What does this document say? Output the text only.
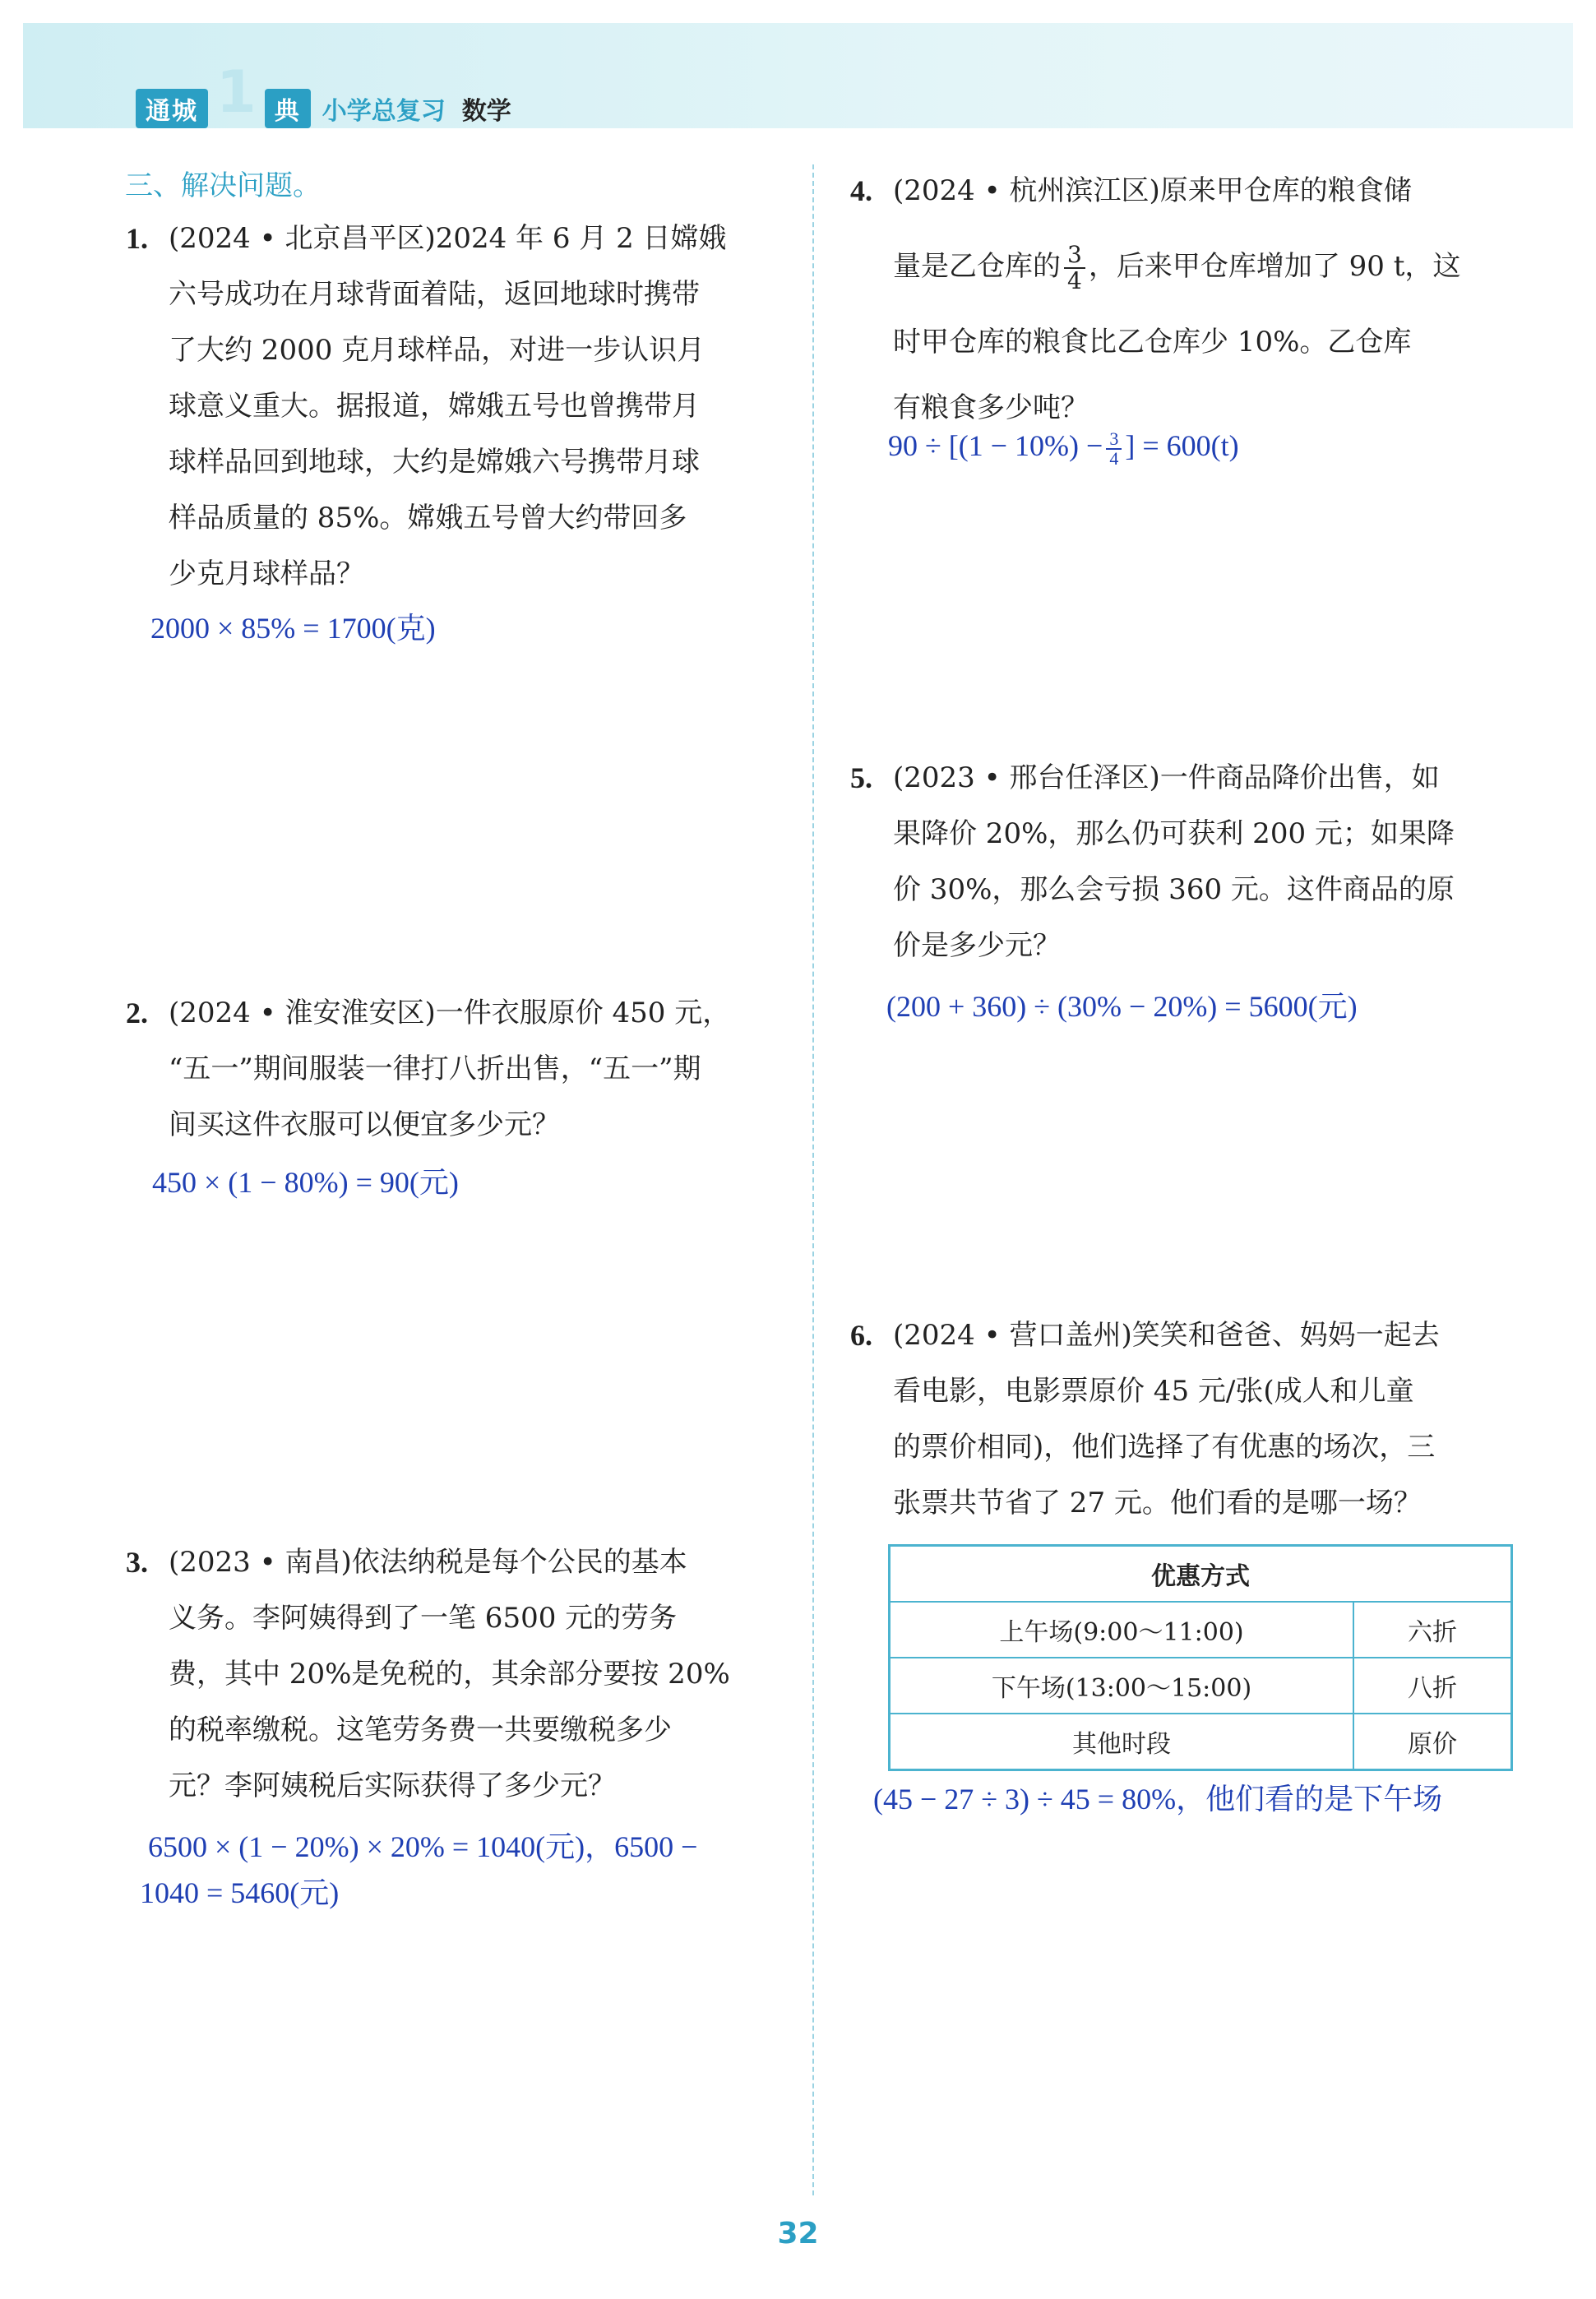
通城 1 典 小学总复习 数学
三、解决问题。
1. (2024 • 北京昌平区)2024 年 6 月 2 日嫦娥

六号成功在月球背面着陆，返回地球时携带

了大约 2000 克月球样品，对进一步认识月

球意义重大。据报道，嫦娥五号也曾携带月

球样品回到地球，大约是嫦娥六号携带月球

样品质量的 85%。嫦娥五号曾大约带回多

少克月球样品？

2000 × 85% = 1700(克)
2. (2024 • 淮安淮安区)一件衣服原价 450 元，

“五一”期间服装一律打八折出售，“五一”期

间买这件衣服可以便宜多少元？

450 × (1 − 80%) = 90(元)
3. (2023 • 南昌)依法纳税是每个公民的基本

义务。李阿姨得到了一笔 6500 元的劳务

费，其中 20%是免税的，其余部分要按 20%

的税率缴税。这笔劳务费一共要缴税多少

元？李阿姨税后实际获得了多少元？

6500 × (1 − 20%) × 20% = 1040(元)，6500 −
1040 = 5460(元)
4. (2024 • 杭州滨江区)原来甲仓库的粮食储

量是乙仓库的 $\frac{3}{4}$ ，后来甲仓库增加了 90 t，这

时甲仓库的粮食比乙仓库少 10%。乙仓库

有粮食多少吨？

$90 \div [(1 - 10\%) - \frac{3}{4}$ ] = 600(t)
5. (2023 • 邢台任泽区)一件商品降价出售，如

果降价 20%，那么仍可获利 200 元；如果降

价 30%，那么会亏损 360 元。这件商品的原

价是多少元？

(200 + 360) ÷ (30% − 20%) = 5600(元)
6. (2024 • 营口盖州)笑笑和爸爸、妈妈一起去

看电影，电影票原价 45 元/张(成人和儿童

的票价相同)，他们选择了有优惠的场次，三

张票共节省了 27 元。他们看的是哪一场？

优惠方式	
上午场(9:00～11:00)	六折
下午场(13:00～15:00)	八折
其他时段	原价
(45 − 27 ÷ 3) ÷ 45 = 80%，他们看的是下午场
32
